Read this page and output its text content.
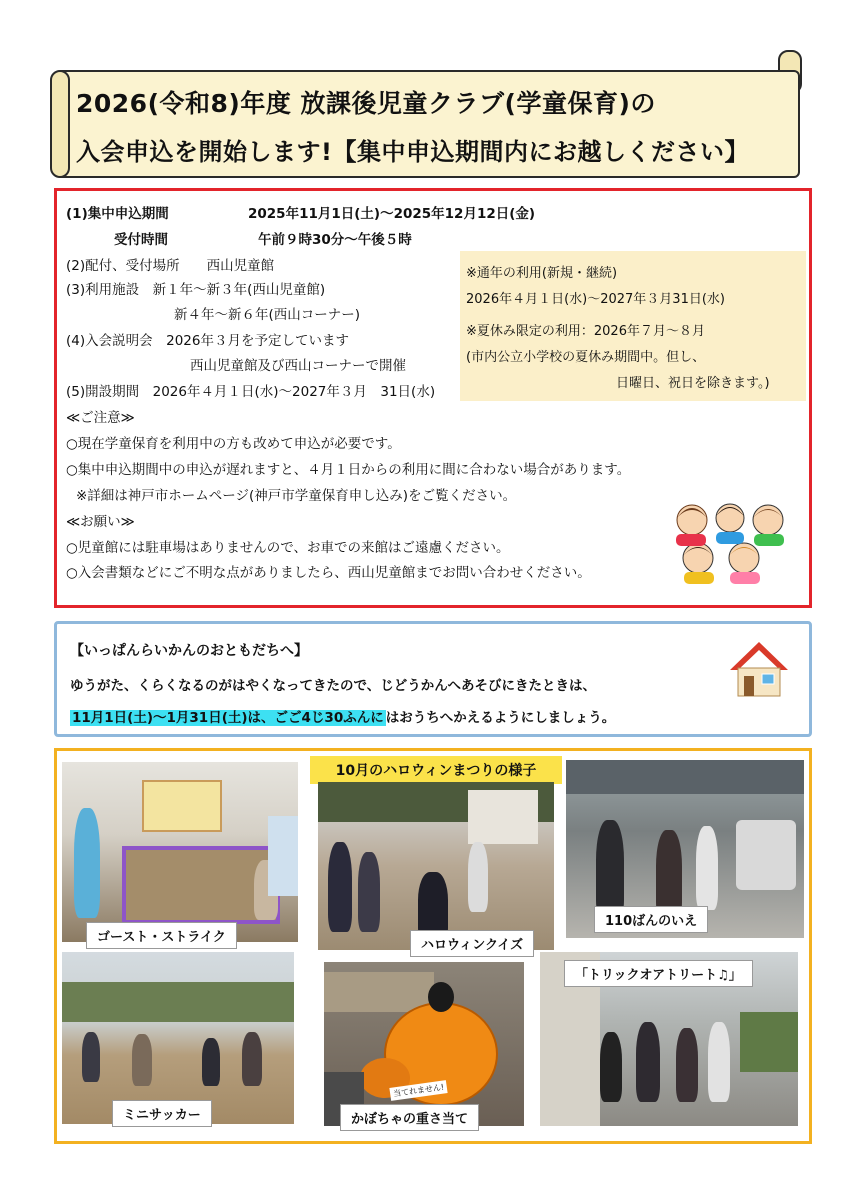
2026(令和8)年度 放課後児童クラブ(学童保育)の
入会申込を開始します!【集中申込期間内にお越しください】
(1)集中申込期間	2025年11月1日(土)～2025年12月12日(金)
受付時間	午前９時30分～午後５時
(2)配付、受付場所　　西山児童館
(3)利用施設　新１年～新３年(西山児童館)
新４年～新６年(西山コーナー)
(4)入会説明会　2026年３月を予定しています
西山児童館及び西山コーナーで開催
(5)開設期間　2026年４月１日(水)～2027年３月　31日(水)
≪ご注意≫
○現在学童保育を利用中の方も改めて申込が必要です。
○集中申込期間中の申込が遅れますと、４月１日からの利用に間に合わない場合があります。
※詳細は神戸市ホームページ(神戸市学童保育申し込み)をご覧ください。
≪お願い≫
○児童館には駐車場はありませんので、お車での来館はご遠慮ください。
○入会書類などにご不明な点がありましたら、西山児童館までお問い合わせください。
※通年の利用(新規・継続)
2026年４月１日(水)～2027年３月31日(水)
※夏休み限定の利用：2026年７月～８月
(市内公立小学校の夏休み期間中。但し、
日曜日、祝日を除きます。)
【いっぱんらいかんのおともだちへ】
ゆうがた、くらくなるのがはやくなってきたので、じどうかんへあそびにきたときは、
11月1日(土)～1月31日(土)は、ごご4じ30ふんに はおうちへかえるようにしましょう。
10月のハロウィンまつりの様子
当てれません!
ゴースト・ストライク
ハロウィンクイズ
110ばんのいえ
「トリックオアトリート♫」
ミニサッカー	かぼちゃの重さ当て
